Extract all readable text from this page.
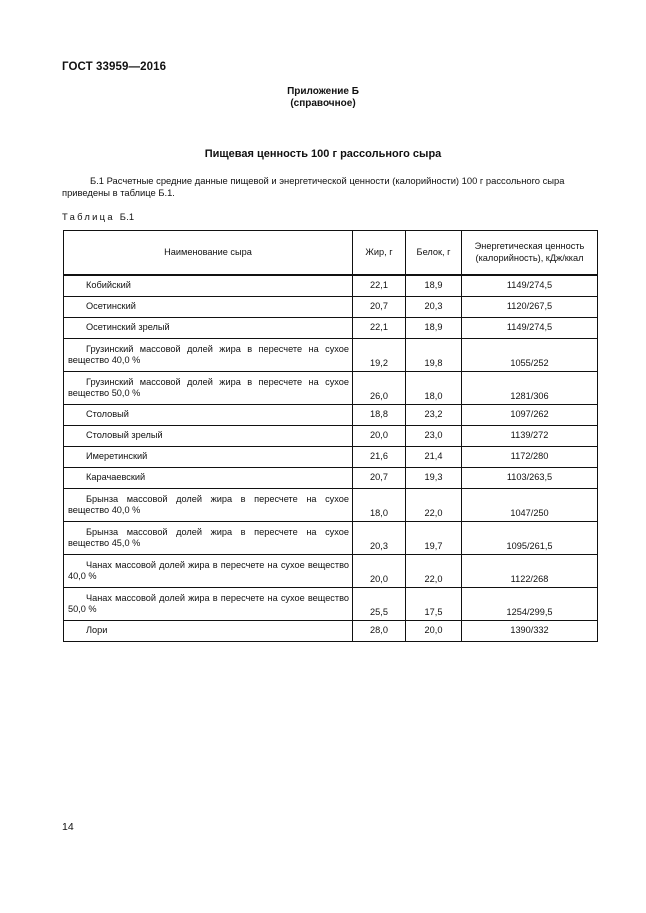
ГОСТ 33959—2016
Приложение Б
(справочное)
Пищевая ценность 100 г рассольного сыра
Б.1 Расчетные средние данные пищевой и энергетической ценности (калорийности) 100 г рассольного сыра приведены в таблице Б.1.
Таблица Б.1
Наименование сыра	Жир, г	Белок, г	Энергетическая ценность (калорийность), кДж/ккал
Кобийский	22,1	18,9	1149/274,5
Осетинский	20,7	20,3	1120/267,5
Осетинский зрелый	22,1	18,9	1149/274,5
Грузинский массовой долей жира в пересчете на сухое вещество 40,0 %	19,2	19,8	1055/252
Грузинский массовой долей жира в пересчете на сухое вещество 50,0 %	26,0	18,0	1281/306
Столовый	18,8	23,2	1097/262
Столовый зрелый	20,0	23,0	1139/272
Имеретинский	21,6	21,4	1172/280
Карачаевский	20,7	19,3	1103/263,5
Брынза массовой долей жира в пересчете на сухое вещество 40,0 %	18,0	22,0	1047/250
Брынза массовой долей жира в пересчете на сухое вещество 45,0 %	20,3	19,7	1095/261,5
Чанах массовой долей жира в пересчете на сухое вещество 40,0 %	20,0	22,0	1122/268
Чанах массовой долей жира в пересчете на сухое вещество 50,0 %	25,5	17,5	1254/299,5
Лори	28,0	20,0	1390/332
14
